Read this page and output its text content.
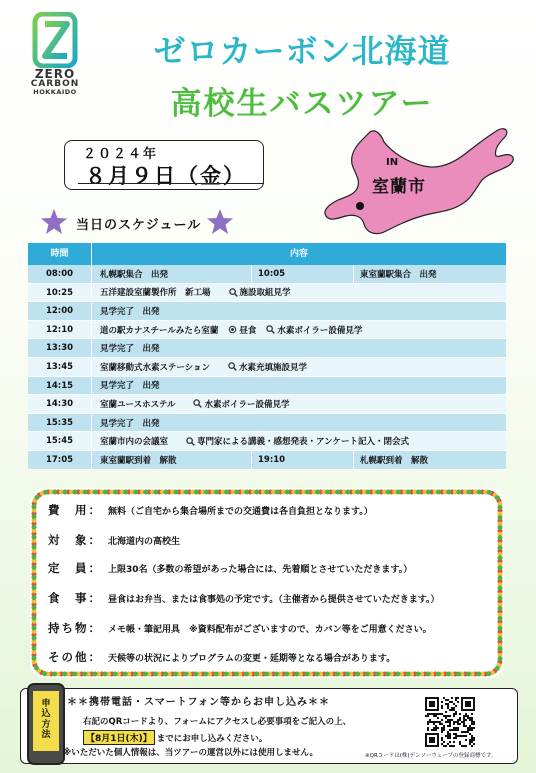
ZERO
CARBON
HOKKAIDO
ゼロカーボン北海道
高校生バスツアー
２０２４年
８月９日（金）
IN
室蘭市
当日のスケジュール
時間	内容
08:00	札幌駅集合　出発	10:05	東室蘭駅集合　出発
10:25	五洋建設室蘭製作所　新工場	施設取組見学
12:00	見学完了　出発
12:10	道の駅カナスチールみたら室蘭 昼食 水素ボイラー設備見学
13:30	見学完了　出発
13:45	室蘭移動式水素ステーション	水素充填施設見学
14:15	見学完了　出発
14:30	室蘭ユースホステル	水素ボイラー設備見学
15:35	見学完了　出発
15:45	室蘭市内の会議室	専門家による講義・感想発表・アンケート記入・閉会式
17:05	東室蘭駅到着　解散	19:10	札幌駅到着　解散
費　用： 無料（ご自宅から集合場所までの交通費は各自負担となります。）
対　象： 北海道内の高校生
定　員： 上限30名（多数の希望があった場合には、先着順とさせていただきます。）
食　事： 昼食はお弁当、または食事処の予定です。（主催者から提供させていただきます。）
持ち物： メモ帳・筆記用具　※資料配布がございますので、カバン等をご用意ください。
その他： 天候等の状況によりプログラムの変更・延期等となる場合があります。
申込方法
＊＊携帯電話・スマートフォン等からお申し込み＊＊
右記のQRコードより、フォームにアクセスし必要事項をご記入の上、
【8月1日(木)】 までにお申し込みください。
※いただいた個人情報は、当ツアーの運営以外には使用しません。	※QRコードは(株)デンソーウェーブの登録商標です。
